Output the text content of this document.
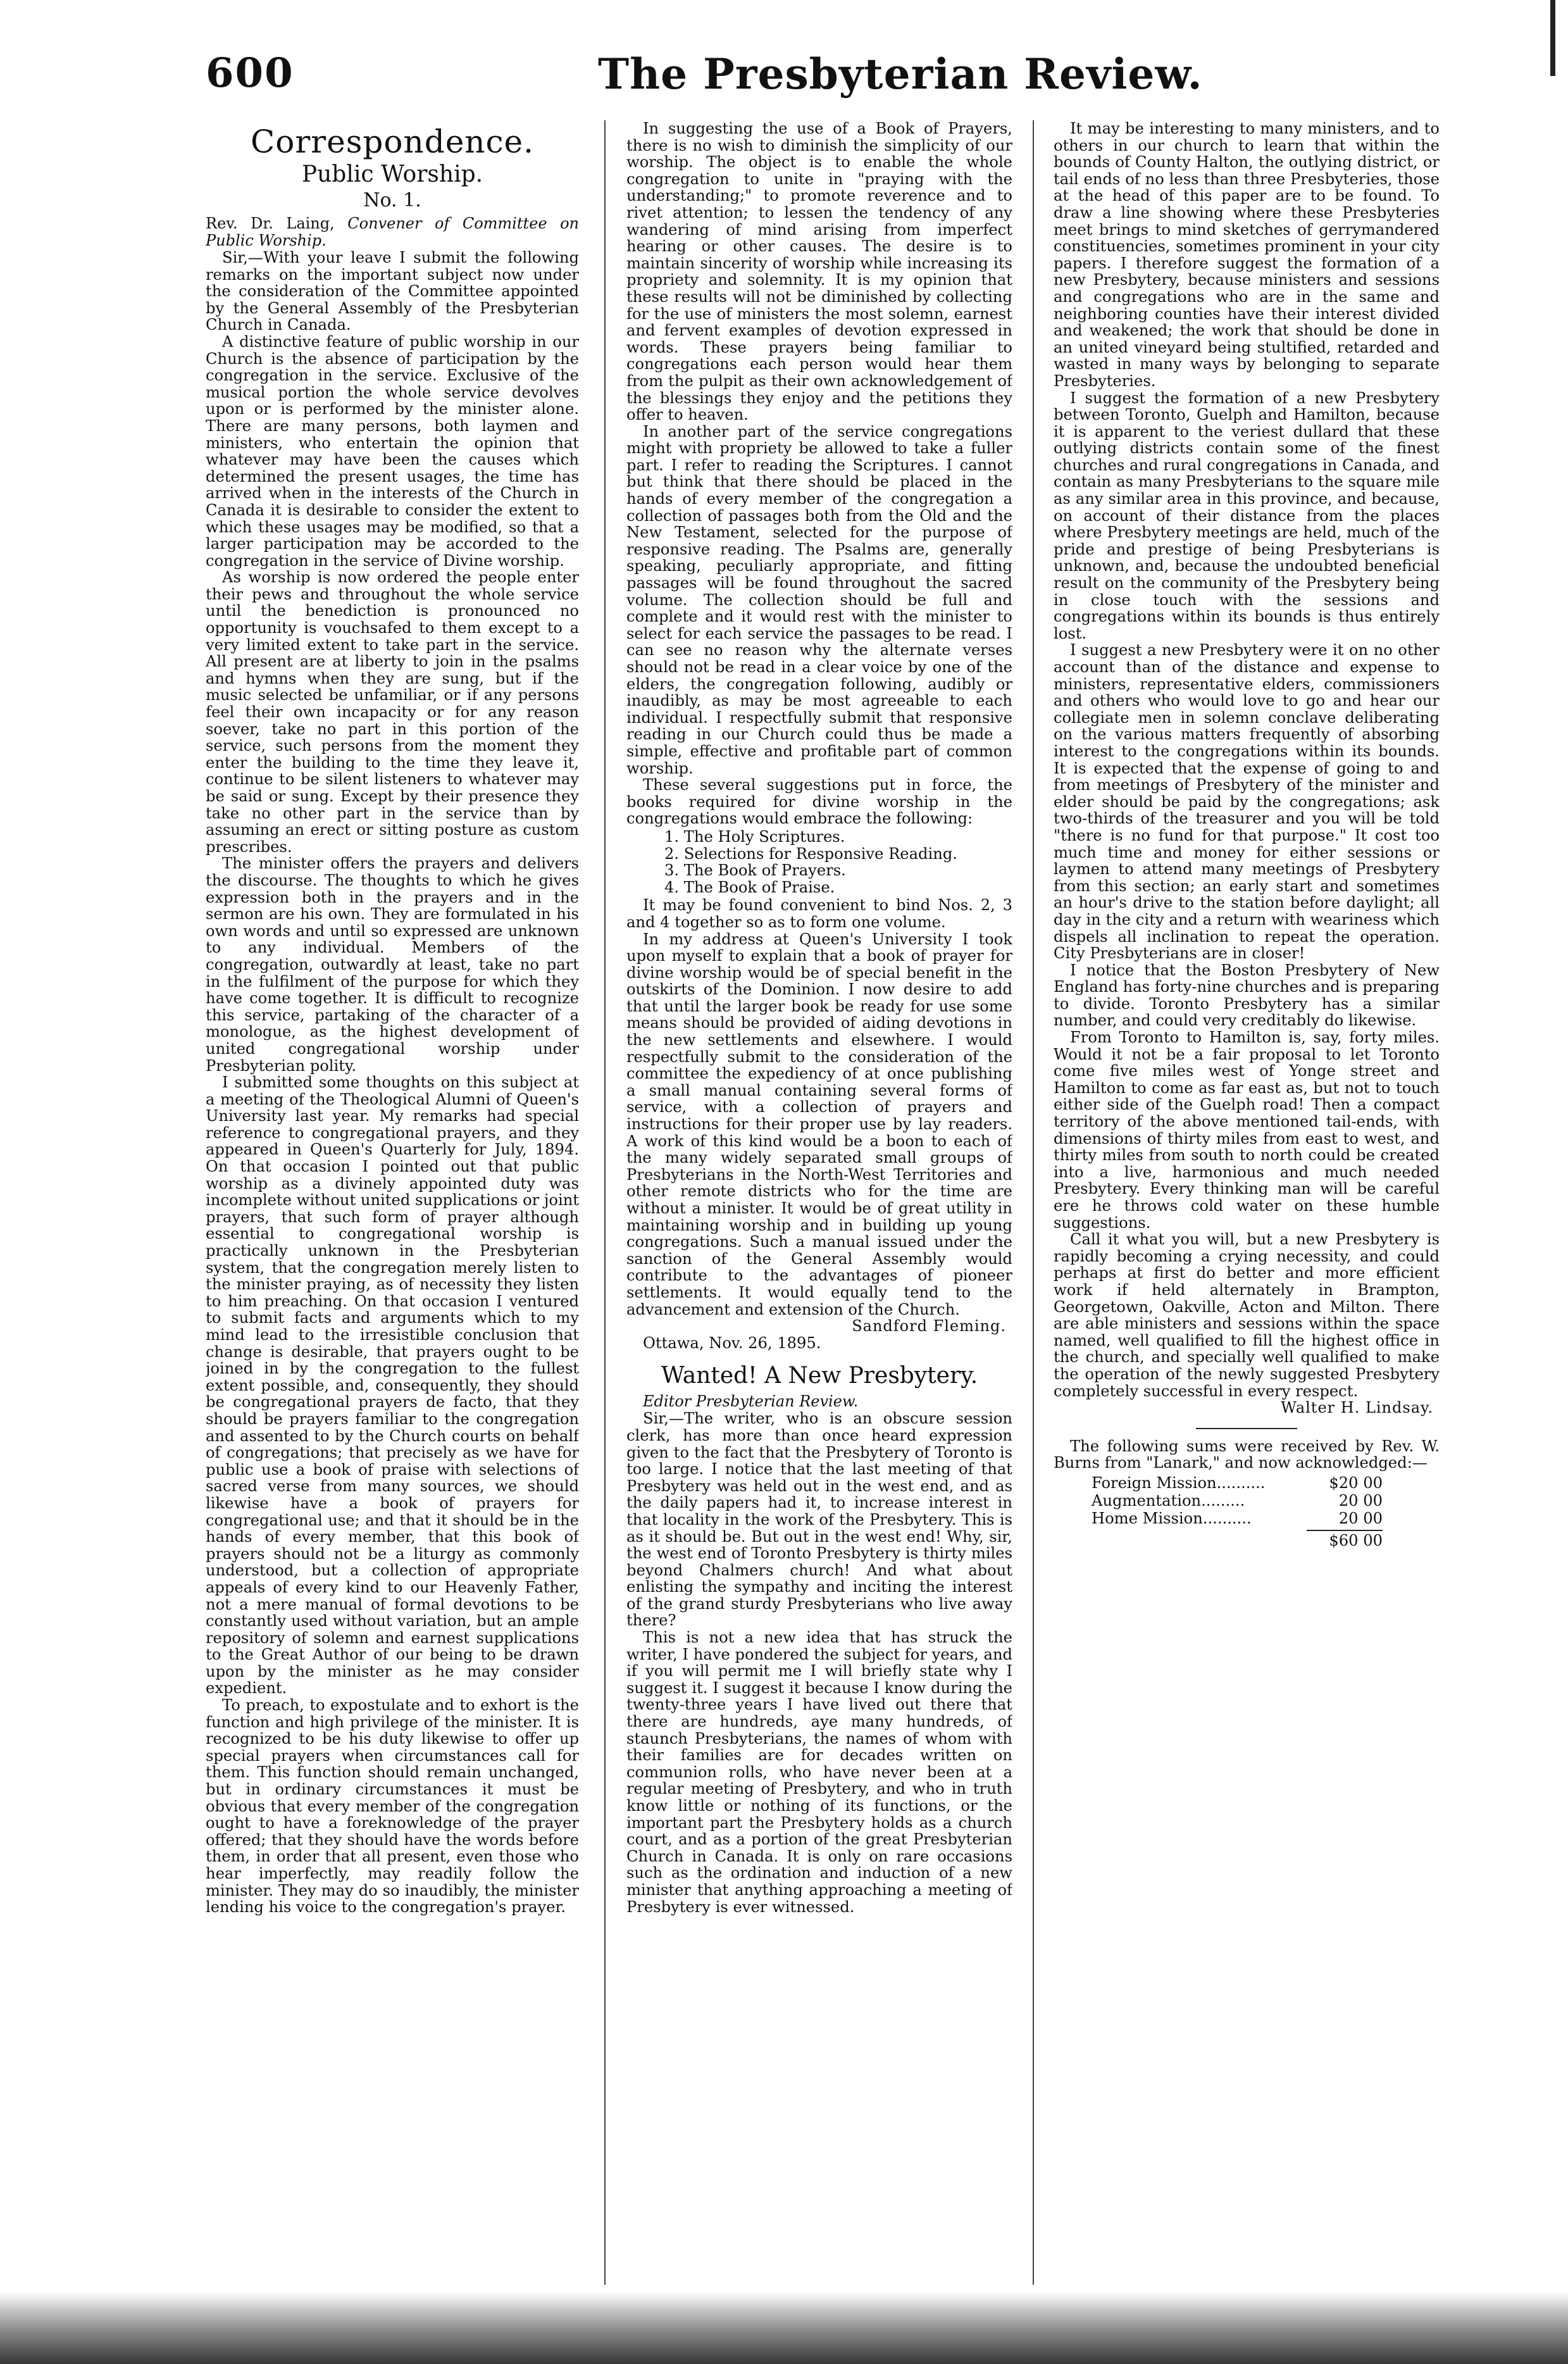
600	The Presbyterian Review.
Correspondence.
Public Worship.
No. 1.

Rev. Dr. Laing, Convener of Committee on Public Worship.

Sir,—With your leave I submit the following remarks on the important subject now under the consideration of the Committee appointed by the General Assembly of the Presbyterian Church in Canada.

A distinctive feature of public worship in our Church is the absence of participation by the congregation in the service. Exclusive of the musical portion the whole service devolves upon or is performed by the minister alone. There are many persons, both laymen and ministers, who entertain the opinion that whatever may have been the causes which determined the present usages, the time has arrived when in the interests of the Church in Canada it is desirable to consider the extent to which these usages may be modified, so that a larger participation may be accorded to the congregation in the service of Divine worship.

As worship is now ordered the people enter their pews and throughout the whole service until the benediction is pronounced no opportunity is vouchsafed to them except to a very limited extent to take part in the service. All present are at liberty to join in the psalms and hymns when they are sung, but if the music selected be unfamiliar, or if any persons feel their own incapacity or for any reason soever, take no part in this portion of the service, such persons from the moment they enter the building to the time they leave it, continue to be silent listeners to whatever may be said or sung. Except by their presence they take no other part in the service than by assuming an erect or sitting posture as custom prescribes.

The minister offers the prayers and delivers the discourse. The thoughts to which he gives expression both in the prayers and in the sermon are his own. They are formulated in his own words and until so expressed are unknown to any individual. Members of the congregation, outwardly at least, take no part in the fulfilment of the purpose for which they have come together. It is difficult to recognize this service, partaking of the character of a monologue, as the highest development of united congregational worship under Presbyterian polity.

I submitted some thoughts on this subject at a meeting of the Theological Alumni of Queen's University last year. My remarks had special reference to congregational prayers, and they appeared in Queen's Quarterly for July, 1894. On that occasion I pointed out that public worship as a divinely appointed duty was incomplete without united supplications or joint prayers, that such form of prayer although essential to congregational worship is practically unknown in the Presbyterian system, that the congregation merely listen to the minister praying, as of necessity they listen to him preaching. On that occasion I ventured to submit facts and arguments which to my mind lead to the irresistible conclusion that change is desirable, that prayers ought to be joined in by the congregation to the fullest extent possible, and, consequently, they should be congregational prayers de facto, that they should be prayers familiar to the congregation and assented to by the Church courts on behalf of congregations; that precisely as we have for public use a book of praise with selections of sacred verse from many sources, we should likewise have a book of prayers for congregational use; and that it should be in the hands of every member, that this book of prayers should not be a liturgy as commonly understood, but a collection of appropriate appeals of every kind to our Heavenly Father, not a mere manual of formal devotions to be constantly used without variation, but an ample repository of solemn and earnest supplications to the Great Author of our being to be drawn upon by the minister as he may consider expedient.

To preach, to expostulate and to exhort is the function and high privilege of the minister. It is recognized to be his duty likewise to offer up special prayers when circumstances call for them. This function should remain unchanged, but in ordinary circumstances it must be obvious that every member of the congregation ought to have a foreknowledge of the prayer offered; that they should have the words before them, in order that all present, even those who hear imperfectly, may readily follow the minister. They may do so inaudibly, the minister lending his voice to the congregation's prayer.

In suggesting the use of a Book of Prayers, there is no wish to diminish the simplicity of our worship. The object is to enable the whole congregation to unite in "praying with the understanding;" to promote reverence and to rivet attention; to lessen the tendency of any wandering of mind arising from imperfect hearing or other causes. The desire is to maintain sincerity of worship while increasing its propriety and solemnity. It is my opinion that these results will not be diminished by collecting for the use of ministers the most solemn, earnest and fervent examples of devotion expressed in words. These prayers being familiar to congregations each person would hear them from the pulpit as their own acknowledgement of the blessings they enjoy and the petitions they offer to heaven.

In another part of the service congregations might with propriety be allowed to take a fuller part. I refer to reading the Scriptures. I cannot but think that there should be placed in the hands of every member of the congregation a collection of passages both from the Old and the New Testament, selected for the purpose of responsive reading. The Psalms are, generally speaking, peculiarly appropriate, and fitting passages will be found throughout the sacred volume. The collection should be full and complete and it would rest with the minister to select for each service the passages to be read. I can see no reason why the alternate verses should not be read in a clear voice by one of the elders, the congregation following, audibly or inaudibly, as may be most agreeable to each individual. I respectfully submit that responsive reading in our Church could thus be made a simple, effective and profitable part of common worship.

These several suggestions put in force, the books required for divine worship in the congregations would embrace the following:

1. The Holy Scriptures.
2. Selections for Responsive Reading.
3. The Book of Prayers.
4. The Book of Praise.

It may be found convenient to bind Nos. 2, 3 and 4 together so as to form one volume.

In my address at Queen's University I took upon myself to explain that a book of prayer for divine worship would be of special benefit in the outskirts of the Dominion. I now desire to add that until the larger book be ready for use some means should be provided of aiding devotions in the new settlements and elsewhere. I would respectfully submit to the consideration of the committee the expediency of at once publishing a small manual containing several forms of service, with a collection of prayers and instructions for their proper use by lay readers. A work of this kind would be a boon to each of the many widely separated small groups of Presbyterians in the North-West Territories and other remote districts who for the time are without a minister. It would be of great utility in maintaining worship and in building up young congregations. Such a manual issued under the sanction of the General Assembly would contribute to the advantages of pioneer settlements. It would equally tend to the advancement and extension of the Church.

Sandford Fleming.

Ottawa, Nov. 26, 1895.

Wanted! A New Presbytery.

Editor Presbyterian Review.

Sir,—The writer, who is an obscure session clerk, has more than once heard expression given to the fact that the Presbytery of Toronto is too large. I notice that the last meeting of that Presbytery was held out in the west end, and as the daily papers had it, to increase interest in that locality in the work of the Presbytery. This is as it should be. But out in the west end! Why, sir, the west end of Toronto Presbytery is thirty miles beyond Chalmers church! And what about enlisting the sympathy and inciting the interest of the grand sturdy Presbyterians who live away there?

This is not a new idea that has struck the writer, I have pondered the subject for years, and if you will permit me I will briefly state why I suggest it. I suggest it because I know during the twenty-three years I have lived out there that there are hundreds, aye many hundreds, of staunch Presbyterians, the names of whom with their families are for decades written on communion rolls, who have never been at a regular meeting of Presbytery, and who in truth know little or nothing of its functions, or the important part the Presbytery holds as a church court, and as a portion of the great Presbyterian Church in Canada. It is only on rare occasions such as the ordination and induction of a new minister that anything approaching a meeting of Presbytery is ever witnessed.

It may be interesting to many ministers, and to others in our church to learn that within the bounds of County Halton, the outlying district, or tail ends of no less than three Presbyteries, those at the head of this paper are to be found. To draw a line showing where these Presbyteries meet brings to mind sketches of gerrymandered constituencies, sometimes prominent in your city papers. I therefore suggest the formation of a new Presbytery, because ministers and sessions and congregations who are in the same and neighboring counties have their interest divided and weakened; the work that should be done in an united vineyard being stultified, retarded and wasted in many ways by belonging to separate Presbyteries.

I suggest the formation of a new Presbytery between Toronto, Guelph and Hamilton, because it is apparent to the veriest dullard that these outlying districts contain some of the finest churches and rural congregations in Canada, and contain as many Presbyterians to the square mile as any similar area in this province, and because, on account of their distance from the places where Presbytery meetings are held, much of the pride and prestige of being Presbyterians is unknown, and, because the undoubted beneficial result on the community of the Presbytery being in close touch with the sessions and congregations within its bounds is thus entirely lost.

I suggest a new Presbytery were it on no other account than of the distance and expense to ministers, representative elders, commissioners and others who would love to go and hear our collegiate men in solemn conclave deliberating on the various matters frequently of absorbing interest to the congregations within its bounds. It is expected that the expense of going to and from meetings of Presbytery of the minister and elder should be paid by the congregations; ask two-thirds of the treasurer and you will be told "there is no fund for that purpose." It cost too much time and money for either sessions or laymen to attend many meetings of Presbytery from this section; an early start and sometimes an hour's drive to the station before daylight; all day in the city and a return with weariness which dispels all inclination to repeat the operation. City Presbyterians are in closer!

I notice that the Boston Presbytery of New England has forty-nine churches and is preparing to divide. Toronto Presbytery has a similar number, and could very creditably do likewise.

From Toronto to Hamilton is, say, forty miles. Would it not be a fair proposal to let Toronto come five miles west of Yonge street and Hamilton to come as far east as, but not to touch either side of the Guelph road! Then a compact territory of the above mentioned tail-ends, with dimensions of thirty miles from east to west, and thirty miles from south to north could be created into a live, harmonious and much needed Presbytery. Every thinking man will be careful ere he throws cold water on these humble suggestions.

Call it what you will, but a new Presbytery is rapidly becoming a crying necessity, and could perhaps at first do better and more efficient work if held alternately in Brampton, Georgetown, Oakville, Acton and Milton. There are able ministers and sessions within the space named, well qualified to fill the highest office in the church, and specially well qualified to make the operation of the newly suggested Presbytery completely successful in every respect.

Walter H. Lindsay.

The following sums were received by Rev. W. Burns from "Lanark," and now acknowledged:—

Foreign Mission..........	$20 00
Augmentation.........	20 00
Home Mission..........	20 00
$60 00
